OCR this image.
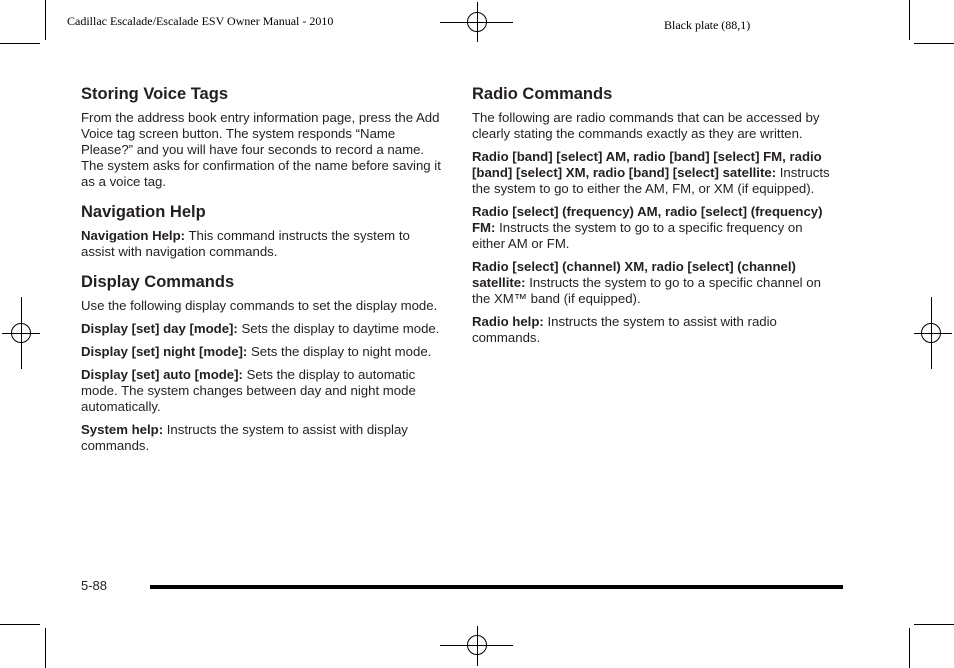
Cadillac Escalade/Escalade ESV Owner Manual - 2010	Black plate (88,1)
Storing Voice Tags

From the address book entry information page, press the Add Voice tag screen button. The system responds “Name Please?” and you will have four seconds to record a name. The system asks for confirmation of the name before saving it as a voice tag.

Navigation Help

Navigation Help: This command instructs the system to assist with navigation commands.

Display Commands

Use the following display commands to set the display mode.

Display [set] day [mode]: Sets the display to daytime mode.

Display [set] night [mode]: Sets the display to night mode.

Display [set] auto [mode]: Sets the display to automatic mode. The system changes between day and night mode automatically.

System help: Instructs the system to assist with display commands.

Radio Commands

The following are radio commands that can be accessed by clearly stating the commands exactly as they are written.

Radio [band] [select] AM, radio [band] [select] FM, radio [band] [select] XM, radio [band] [select] satellite: Instructs the system to go to either the AM, FM, or XM (if equipped).

Radio [select] (frequency) AM, radio [select] (frequency) FM: Instructs the system to go to a specific frequency on either AM or FM.

Radio [select] (channel) XM, radio [select] (channel) satellite: Instructs the system to go to a specific channel on the XM™ band (if equipped).

Radio help: Instructs the system to assist with radio commands.

5-88
